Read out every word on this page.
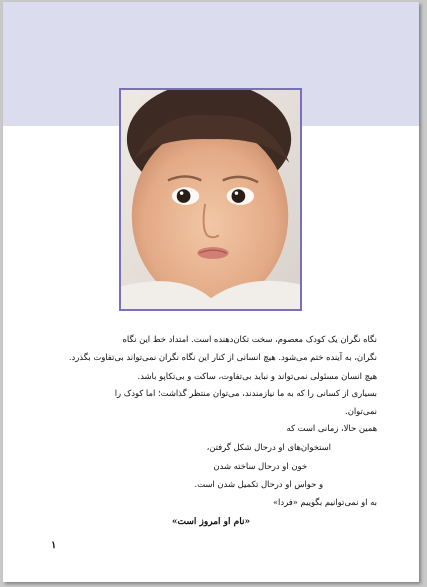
نگاه نگران یک کودک معصوم، سخت تکان‌دهنده است. امتداد خط این نگاه
نگران، به آینده ختم می‌شود. هیچ انسانی از کنار این نگاه نگران نمی‌تواند بی‌تفاوت بگذرد.
هیچ انسان مسئولی نمی‌تواند و نباید بی‌تفاوت، ساکت و بی‌تکاپو باشد.
بسیاری از کسانی را که به ما نیازمندند، می‌توان منتظر گذاشت؛ اما کودک را
نمی‌توان.
همین حالا، زمانی است که
استخوان‌های او درحال شکل گرفتن،
خون او درحال ساخته شدن
و حواس او درحال تکمیل شدن است.
به او نمی‌توانیم بگوییم «فردا»
«نام او امروز است»
۱
